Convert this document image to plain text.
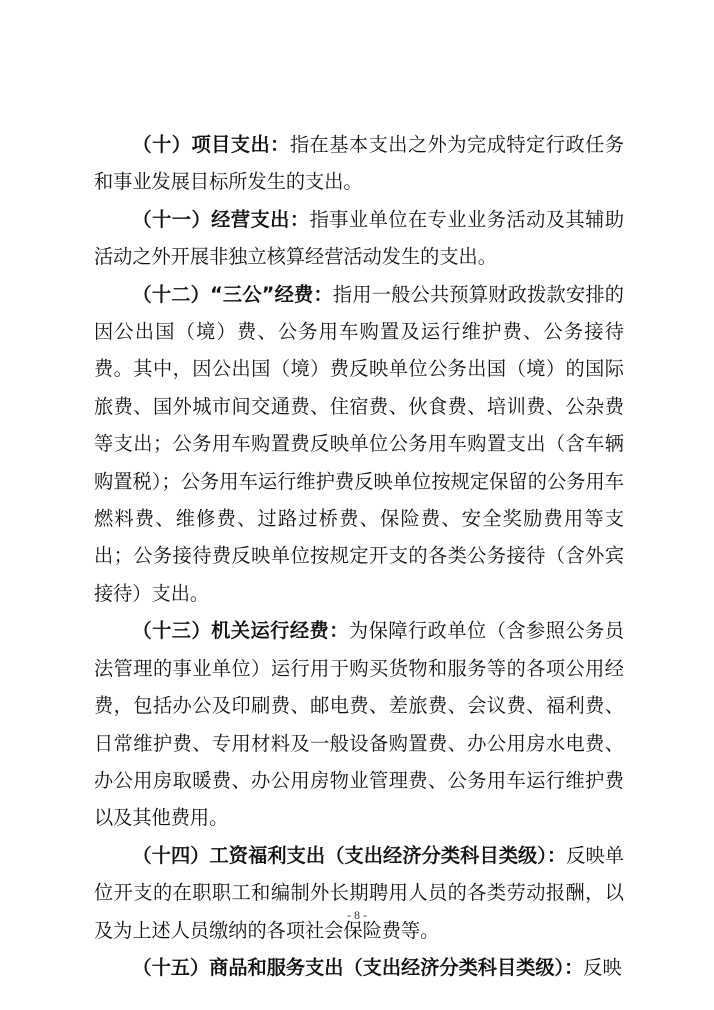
（十）项目支出：指在基本支出之外为完成特定行政任务和事业发展目标所发生的支出。

（十一）经营支出：指事业单位在专业业务活动及其辅助活动之外开展非独立核算经营活动发生的支出。

（十二）“三公”经费：指用一般公共预算财政拨款安排的因公出国（境）费、公务用车购置及运行维护费、公务接待费。其中，因公出国（境）费反映单位公务出国（境）的国际旅费、国外城市间交通费、住宿费、伙食费、培训费、公杂费等支出；公务用车购置费反映单位公务用车购置支出（含车辆购置税）；公务用车运行维护费反映单位按规定保留的公务用车燃料费、维修费、过路过桥费、保险费、安全奖励费用等支出；公务接待费反映单位按规定开支的各类公务接待（含外宾接待）支出。

（十三）机关运行经费：为保障行政单位（含参照公务员法管理的事业单位）运行用于购买货物和服务等的各项公用经费，包括办公及印刷费、邮电费、差旅费、会议费、福利费、日常维护费、专用材料及一般设备购置费、办公用房水电费、办公用房取暖费、办公用房物业管理费、公务用车运行维护费以及其他费用。

（十四）工资福利支出（支出经济分类科目类级）：反映单位开支的在职职工和编制外长期聘用人员的各类劳动报酬，以及为上述人员缴纳的各项社会保险费等。

（十五）商品和服务支出（支出经济分类科目类级）：反映

- 8 -
